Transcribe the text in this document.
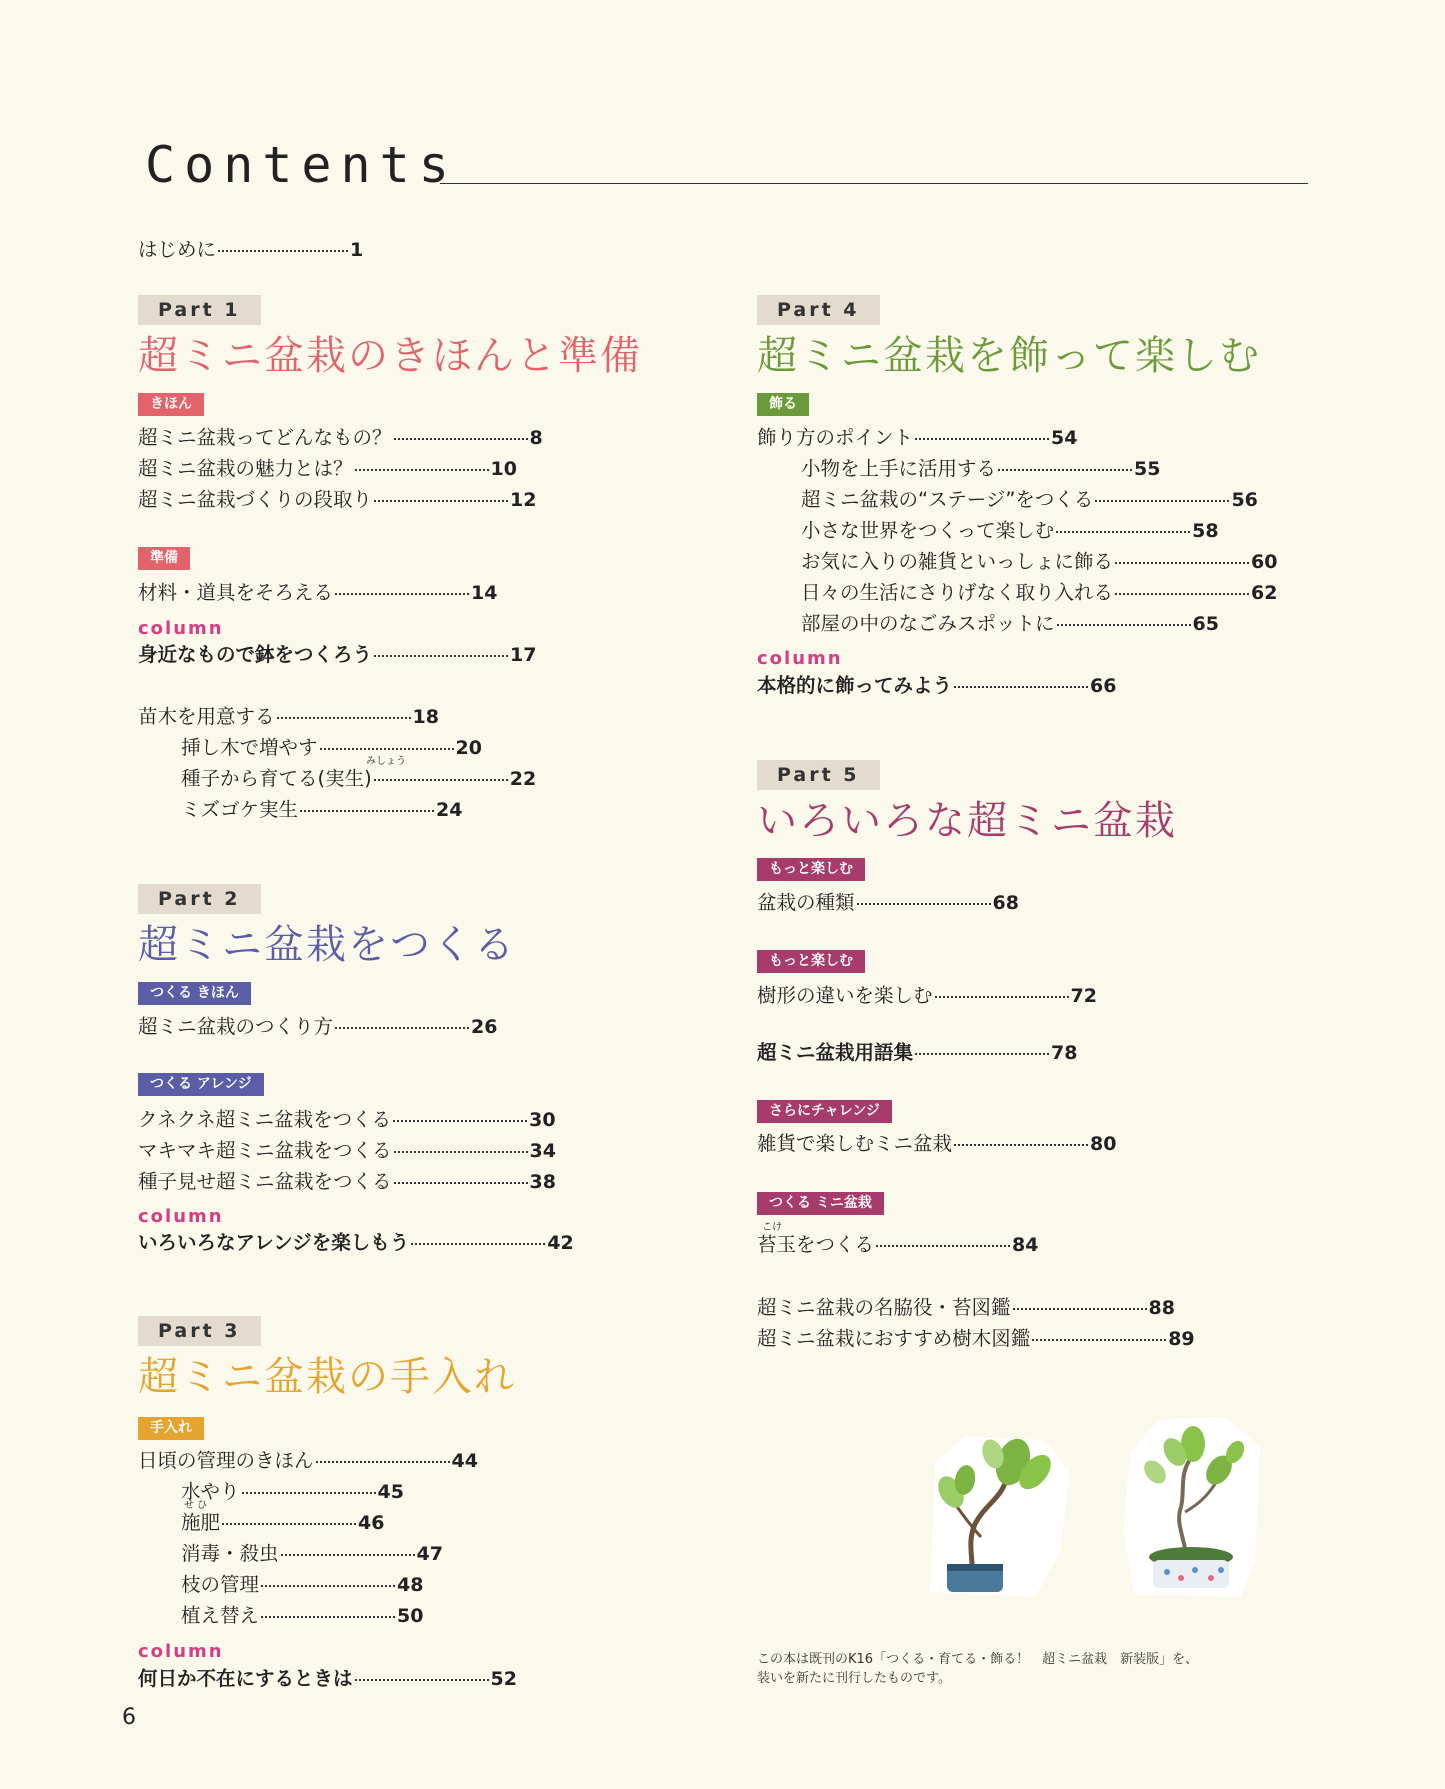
Contents
はじめに	1
Part 1
超ミニ盆栽のきほんと準備
きほん
超ミニ盆栽ってどんなもの？	8
超ミニ盆栽の魅力とは？	10
超ミニ盆栽づくりの段取り	12
準備
材料・道具をそろえる	14
column
身近なもので鉢をつくろう	17
苗木を用意する	18
挿し木で増やす	20
みしょう
種子から育てる(実生)	22
ミズゴケ実生	24
Part 2
超ミニ盆栽をつくる
つくる きほん
超ミニ盆栽のつくり方	26
つくる アレンジ
クネクネ超ミニ盆栽をつくる	30
マキマキ超ミニ盆栽をつくる	34
種子見せ超ミニ盆栽をつくる	38
column
いろいろなアレンジを楽しもう	42
Part 3
超ミニ盆栽の手入れ
手入れ
日頃の管理のきほん	44
水やり	45
せ ひ
施肥	46
消毒・殺虫	47
枝の管理	48
植え替え	50
column
何日か不在にするときは	52
Part 4
超ミニ盆栽を飾って楽しむ
飾る
飾り方のポイント	54
小物を上手に活用する	55
超ミニ盆栽の“ステージ”をつくる	56
小さな世界をつくって楽しむ	58
お気に入りの雑貨といっしょに飾る	60
日々の生活にさりげなく取り入れる	62
部屋の中のなごみスポットに	65
column
本格的に飾ってみよう	66
Part 5
いろいろな超ミニ盆栽
もっと楽しむ
盆栽の種類	68
もっと楽しむ
樹形の違いを楽しむ	72
超ミニ盆栽用語集	78
さらにチャレンジ
雑貨で楽しむミニ盆栽	80
つくる ミニ盆栽
こけ
苔玉をつくる	84
超ミニ盆栽の名脇役・苔図鑑	88
超ミニ盆栽におすすめ樹木図鑑	89
この本は既刊のK16「つくる・育てる・飾る！　超ミニ盆栽　新装版」を、
装いを新たに刊行したものです。
6
